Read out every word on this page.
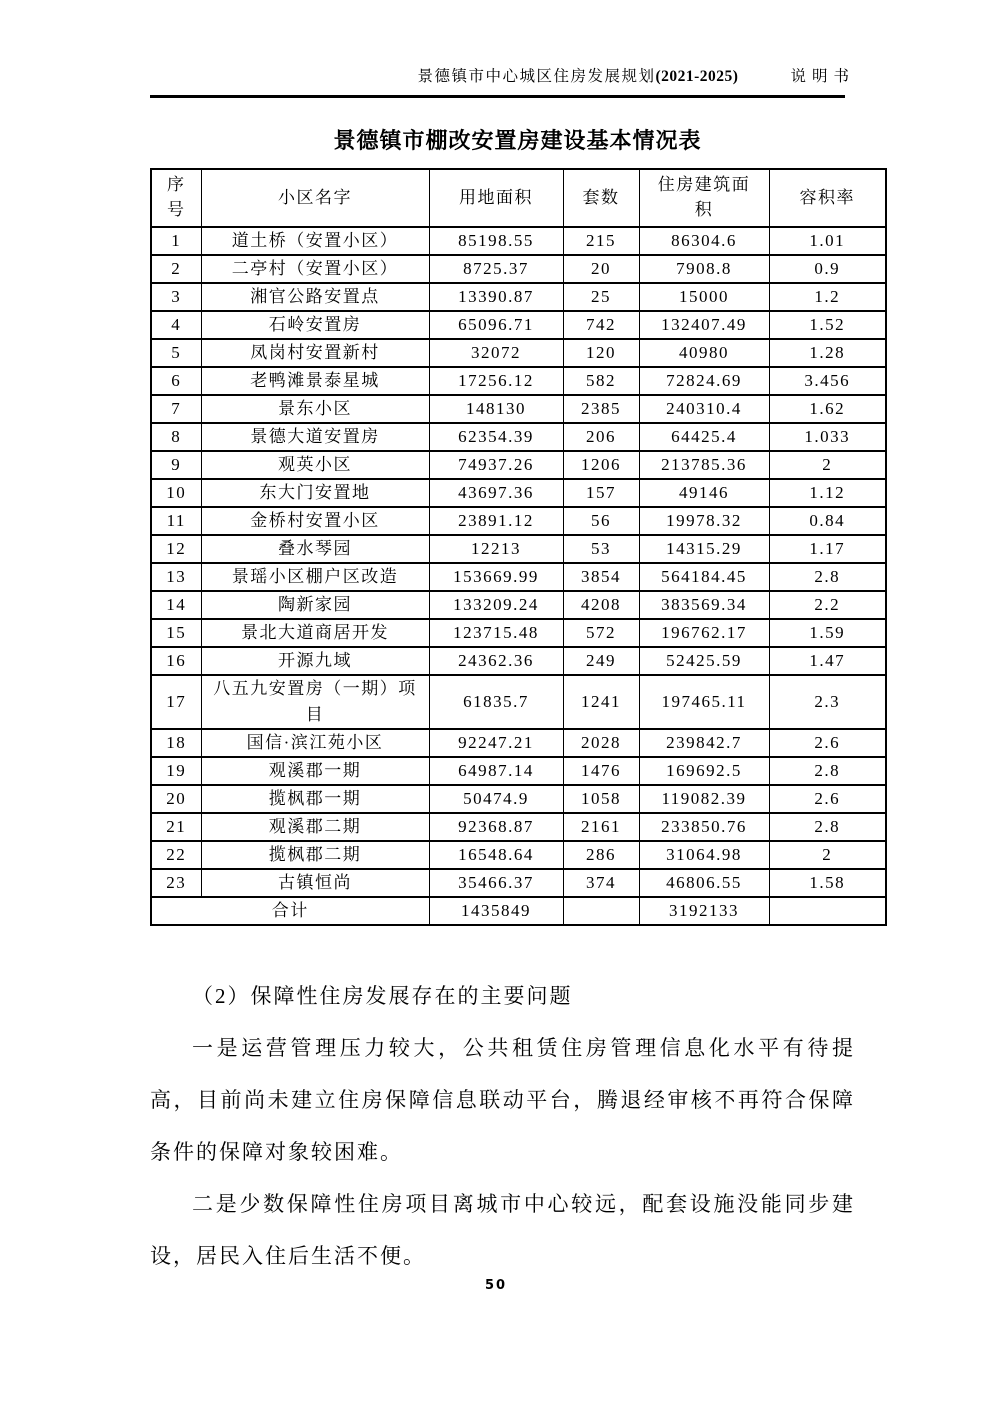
景德镇市中心城区住房发展规划(2021-2025)	说明书
景德镇市棚改安置房建设基本情况表
序号	小区名字	用地面积	套数	住房建筑面积	容积率
1	道土桥（安置小区）	85198.55	215	86304.6	1.01
2	二亭村（安置小区）	8725.37	20	7908.8	0.9
3	湘官公路安置点	13390.87	25	15000	1.2
4	石岭安置房	65096.71	742	132407.49	1.52
5	凤岗村安置新村	32072	120	40980	1.28
6	老鸭滩景泰星城	17256.12	582	72824.69	3.456
7	景东小区	148130	2385	240310.4	1.62
8	景德大道安置房	62354.39	206	64425.4	1.033
9	观英小区	74937.26	1206	213785.36	2
10	东大门安置地	43697.36	157	49146	1.12
11	金桥村安置小区	23891.12	56	19978.32	0.84
12	叠水琴园	12213	53	14315.29	1.17
13	景瑶小区棚户区改造	153669.99	3854	564184.45	2.8
14	陶新家园	133209.24	4208	383569.34	2.2
15	景北大道商居开发	123715.48	572	196762.17	1.59
16	开源九域	24362.36	249	52425.59	1.47
17	八五九安置房（一期）项目	61835.7	1241	197465.11	2.3
18	国信·滨江苑小区	92247.21	2028	239842.7	2.6
19	观溪郡一期	64987.14	1476	169692.5	2.8
20	揽枫郡一期	50474.9	1058	119082.39	2.6
21	观溪郡二期	92368.87	2161	233850.76	2.8
22	揽枫郡二期	16548.64	286	31064.98	2
23	古镇恒尚	35466.37	374	46806.55	1.58
合计		1435849		3192133	
（2）保障性住房发展存在的主要问题

一是运营管理压力较大，公共租赁住房管理信息化水平有待提高，目前尚未建立住房保障信息联动平台，腾退经审核不再符合保障条件的保障对象较困难。

二是少数保障性住房项目离城市中心较远，配套设施没能同步建设，居民入住后生活不便。

50
